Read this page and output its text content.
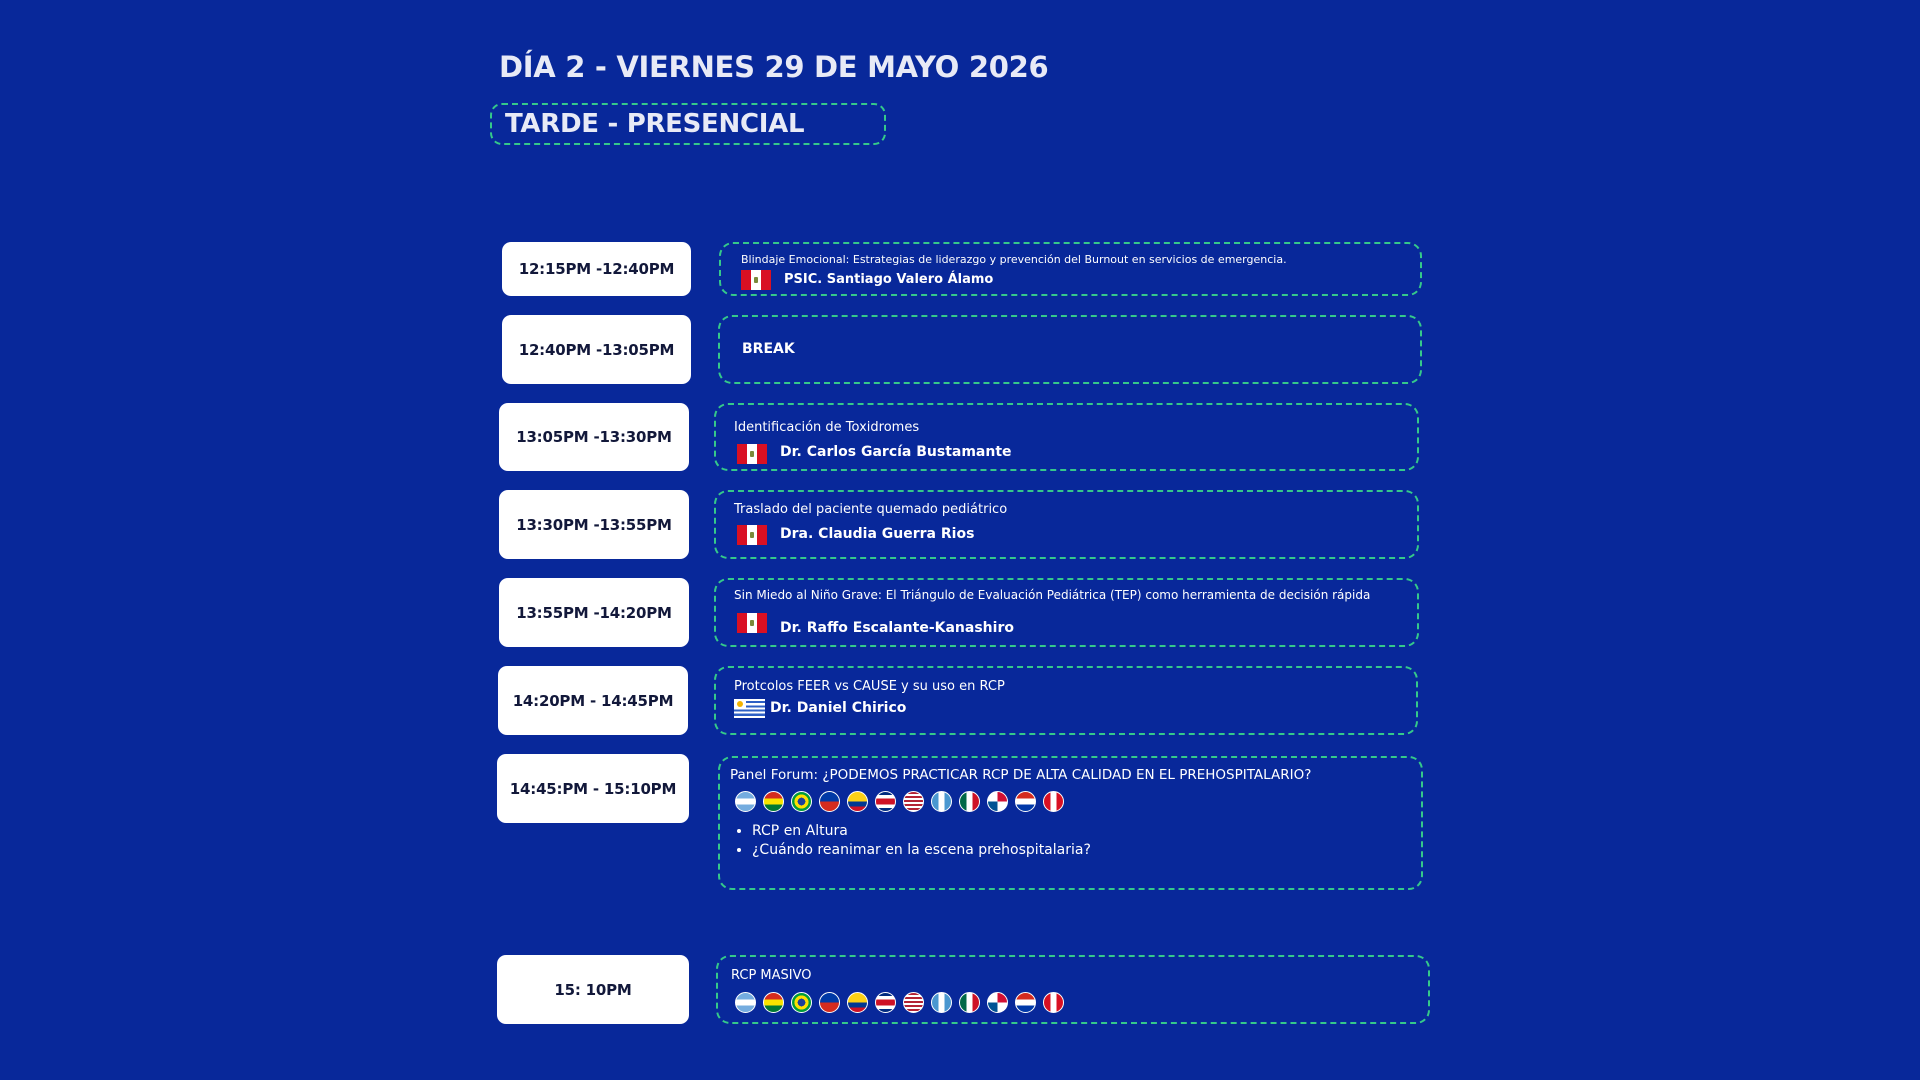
DÍA 2 - VIERNES 29 DE MAYO 2026
TARDE - PRESENCIAL
12:15PM -12:40PM
Blindaje Emocional: Estrategias de liderazgo y prevención del Burnout en servicios de emergencia.
PSIC. Santiago Valero Álamo
12:40PM -13:05PM	BREAK
13:05PM -13:30PM
Identificación de Toxidromes
Dr. Carlos García Bustamante
13:30PM -13:55PM
Traslado del paciente quemado pediátrico
Dra. Claudia Guerra Rios
13:55PM -14:20PM
Sin Miedo al Niño Grave: El Triángulo de Evaluación Pediátrica (TEP) como herramienta de decisión rápida
Dr. Raffo Escalante-Kanashiro
14:20PM - 14:45PM
Protcolos FEER vs CAUSE y su uso en RCP
Dr. Daniel Chirico
14:45:PM - 15:10PM
Panel Forum: ¿PODEMOS PRACTICAR RCP DE ALTA CALIDAD EN EL PREHOSPITALARIO?
• RCP en Altura
• ¿Cuándo reanimar en la escena prehospitalaria?
15: 10PM
RCP MASIVO
